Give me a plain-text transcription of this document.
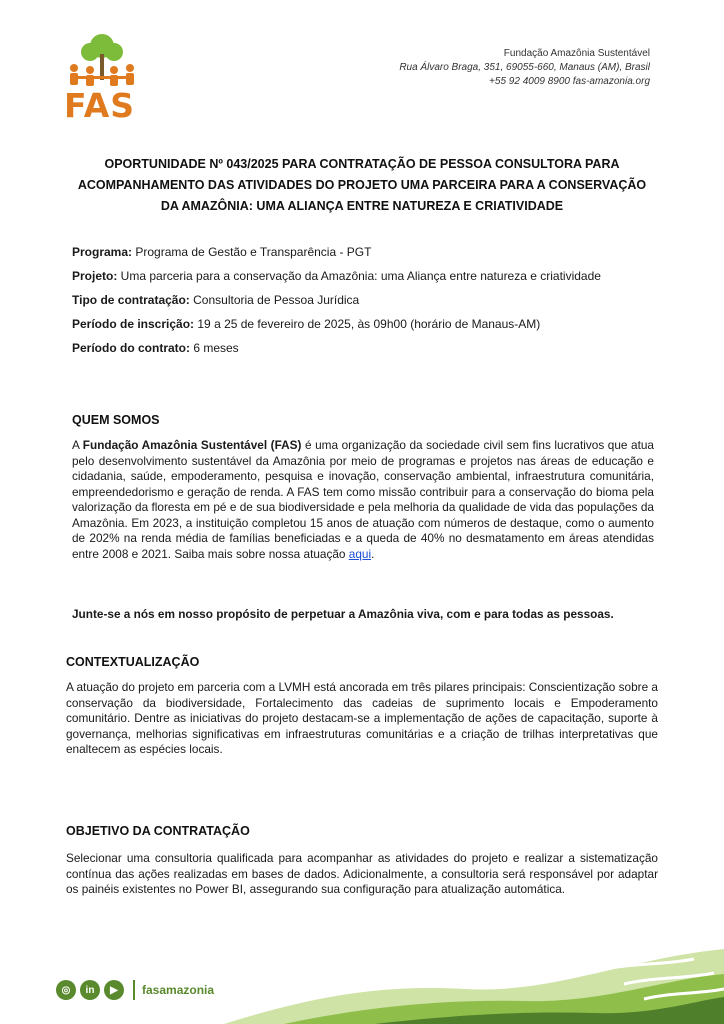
FAS
Fundação Amazônia Sustentável
Rua Álvaro Braga, 351, 69055-660, Manaus (AM), Brasil
+55 92 4009 8900 fas-amazonia.org
OPORTUNIDADE Nº 043/2025 PARA CONTRATAÇÃO DE PESSOA CONSULTORA PARA
ACOMPANHAMENTO DAS ATIVIDADES DO PROJETO UMA PARCEIRA PARA A CONSERVAÇÃO
DA AMAZÔNIA: UMA ALIANÇA ENTRE NATUREZA E CRIATIVIDADE
Programa: Programa de Gestão e Transparência - PGT
Projeto: Uma parceria para a conservação da Amazônia: uma Aliança entre natureza e criatividade
Tipo de contratação: Consultoria de Pessoa Jurídica
Período de inscrição: 19 a 25 de fevereiro de 2025, às 09h00 (horário de Manaus-AM)
Período do contrato: 6 meses
QUEM SOMOS
A Fundação Amazônia Sustentável (FAS) é uma organização da sociedade civil sem fins lucrativos que atua pelo desenvolvimento sustentável da Amazônia por meio de programas e projetos nas áreas de educação e cidadania, saúde, empoderamento, pesquisa e inovação, conservação ambiental, infraestrutura comunitária, empreendedorismo e geração de renda. A FAS tem como missão contribuir para a conservação do bioma pela valorização da floresta em pé e de sua biodiversidade e pela melhoria da qualidade de vida das populações da Amazônia. Em 2023, a instituição completou 15 anos de atuação com números de destaque, como o aumento de 202% na renda média de famílias beneficiadas e a queda de 40% no desmatamento em áreas atendidas entre 2008 e 2021. Saiba mais sobre nossa atuação aqui.
Junte-se a nós em nosso propósito de perpetuar a Amazônia viva, com e para todas as pessoas.
CONTEXTUALIZAÇÃO
A atuação do projeto em parceria com a LVMH está ancorada em três pilares principais: Conscientização sobre a conservação da biodiversidade, Fortalecimento das cadeias de suprimento locais e Empoderamento comunitário. Dentre as iniciativas do projeto destacam-se a implementação de ações de capacitação, suporte à governança, melhorias significativas em infraestruturas comunitárias e a criação de trilhas interpretativas que enaltecem as espécies locais.
OBJETIVO DA CONTRATAÇÃO
Selecionar uma consultoria qualificada para acompanhar as atividades do projeto e realizar a sistematização contínua das ações realizadas em bases de dados. Adicionalmente, a consultoria será responsável por adaptar os painéis existentes no Power BI, assegurando sua configuração para atualização automática.
◎	in	▶	fasamazonia
